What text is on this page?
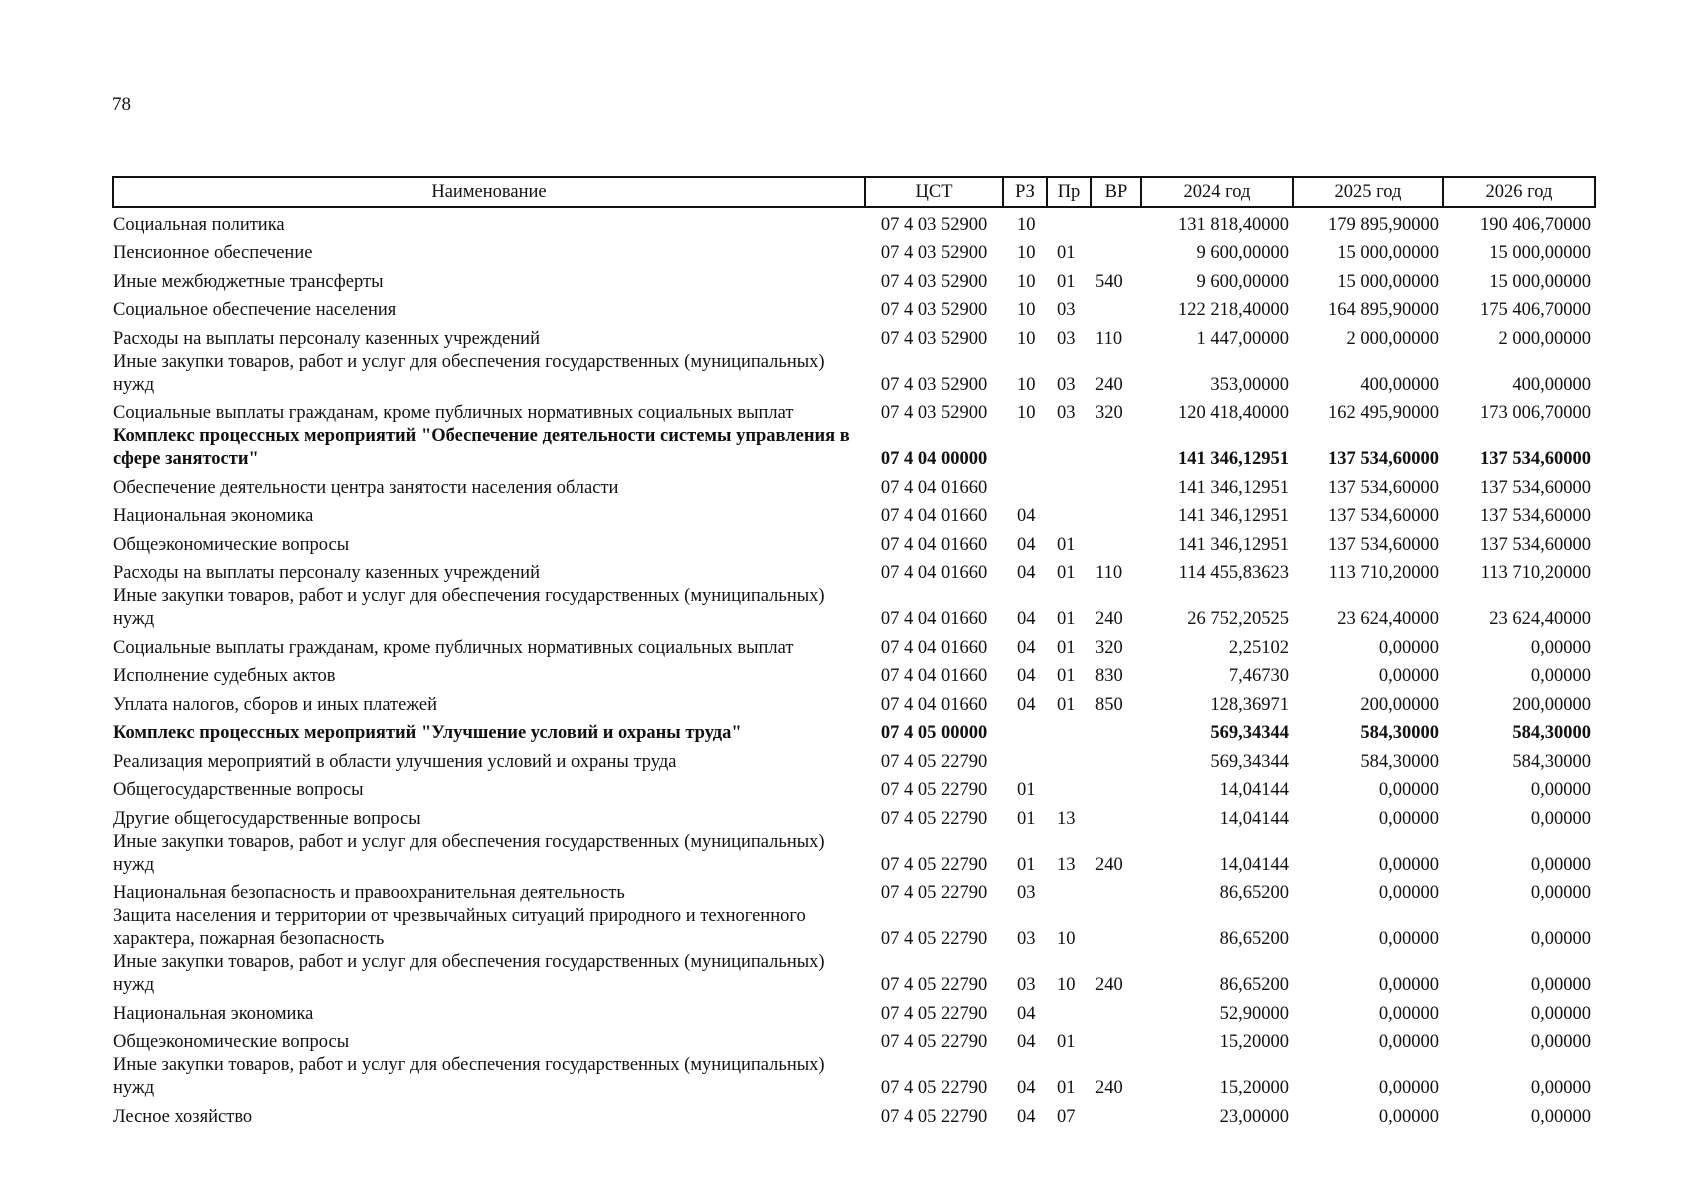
78
Наименование	ЦСТ	РЗ	Пр	ВР	2024 год	2025 год	2026 год
Социальная политика	07 4 03 52900	10			131 818,40000	179 895,90000	190 406,70000
Пенсионное обеспечение	07 4 03 52900	10	01		9 600,00000	15 000,00000	15 000,00000
Иные межбюджетные трансферты	07 4 03 52900	10	01	540	9 600,00000	15 000,00000	15 000,00000
Социальное обеспечение населения	07 4 03 52900	10	03		122 218,40000	164 895,90000	175 406,70000
Расходы на выплаты персоналу казенных учреждений	07 4 03 52900	10	03	110	1 447,00000	2 000,00000	2 000,00000
Иные закупки товаров, работ и услуг для обеспечения государственных (муниципальных) нужд	07 4 03 52900	10	03	240	353,00000	400,00000	400,00000
Социальные выплаты гражданам, кроме публичных нормативных социальных выплат	07 4 03 52900	10	03	320	120 418,40000	162 495,90000	173 006,70000
Комплекс процессных мероприятий "Обеспечение деятельности системы управления в сфере занятости"	07 4 04 00000				141 346,12951	137 534,60000	137 534,60000
Обеспечение деятельности центра занятости населения области	07 4 04 01660				141 346,12951	137 534,60000	137 534,60000
Национальная экономика	07 4 04 01660	04			141 346,12951	137 534,60000	137 534,60000
Общеэкономические вопросы	07 4 04 01660	04	01		141 346,12951	137 534,60000	137 534,60000
Расходы на выплаты персоналу казенных учреждений	07 4 04 01660	04	01	110	114 455,83623	113 710,20000	113 710,20000
Иные закупки товаров, работ и услуг для обеспечения государственных (муниципальных) нужд	07 4 04 01660	04	01	240	26 752,20525	23 624,40000	23 624,40000
Социальные выплаты гражданам, кроме публичных нормативных социальных выплат	07 4 04 01660	04	01	320	2,25102	0,00000	0,00000
Исполнение судебных актов	07 4 04 01660	04	01	830	7,46730	0,00000	0,00000
Уплата налогов, сборов и иных платежей	07 4 04 01660	04	01	850	128,36971	200,00000	200,00000
Комплекс процессных мероприятий "Улучшение условий и охраны труда"	07 4 05 00000				569,34344	584,30000	584,30000
Реализация мероприятий в области улучшения условий и охраны труда	07 4 05 22790				569,34344	584,30000	584,30000
Общегосударственные вопросы	07 4 05 22790	01			14,04144	0,00000	0,00000
Другие общегосударственные вопросы	07 4 05 22790	01	13		14,04144	0,00000	0,00000
Иные закупки товаров, работ и услуг для обеспечения государственных (муниципальных) нужд	07 4 05 22790	01	13	240	14,04144	0,00000	0,00000
Национальная безопасность и правоохранительная деятельность	07 4 05 22790	03			86,65200	0,00000	0,00000
Защита населения и территории от чрезвычайных ситуаций природного и техногенного характера, пожарная безопасность	07 4 05 22790	03	10		86,65200	0,00000	0,00000
Иные закупки товаров, работ и услуг для обеспечения государственных (муниципальных) нужд	07 4 05 22790	03	10	240	86,65200	0,00000	0,00000
Национальная экономика	07 4 05 22790	04			52,90000	0,00000	0,00000
Общеэкономические вопросы	07 4 05 22790	04	01		15,20000	0,00000	0,00000
Иные закупки товаров, работ и услуг для обеспечения государственных (муниципальных) нужд	07 4 05 22790	04	01	240	15,20000	0,00000	0,00000
Лесное хозяйство	07 4 05 22790	04	07		23,00000	0,00000	0,00000
